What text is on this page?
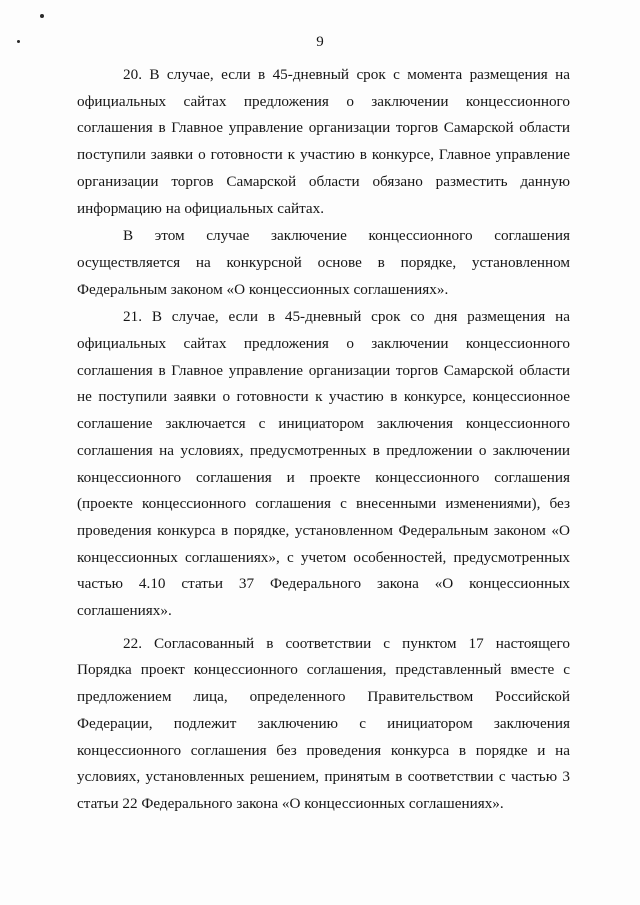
9

20. В случае, если в 45-дневный срок с момента размещения на официальных сайтах предложения о заключении концессионного соглашения в Главное управление организации торгов Самарской области поступили заявки о готовности к участию в конкурсе, Главное управление организации торгов Самарской области обязано разместить данную информацию на официальных сайтах.

В этом случае заключение концессионного соглашения осуществляется на конкурсной основе в порядке, установленном Федеральным законом «О концессионных соглашениях».

21. В случае, если в 45-дневный срок со дня размещения на официальных сайтах предложения о заключении концессионного соглашения в Главное управление организации торгов Самарской области не поступили заявки о готовности к участию в конкурсе, концессионное соглашение заключается с инициатором заключения концессионного соглашения на условиях, предусмотренных в предложении о заключении концессионного соглашения и проекте концессионного соглашения (проекте концессионного соглашения с внесенными изменениями), без проведения конкурса в порядке, установленном Федеральным законом «О концессионных соглашениях», с учетом особенностей, предусмотренных частью 4.10 статьи 37 Федерального закона «О концессионных соглашениях».

22. Согласованный в соответствии с пунктом 17 настоящего Порядка проект концессионного соглашения, представленный вместе с предложением лица, определенного Правительством Российской Федерации, подлежит заключению с инициатором заключения концессионного соглашения без проведения конкурса в порядке и на условиях, установленных решением, принятым в соответствии с частью 3 статьи 22 Федерального закона «О концессионных соглашениях».
